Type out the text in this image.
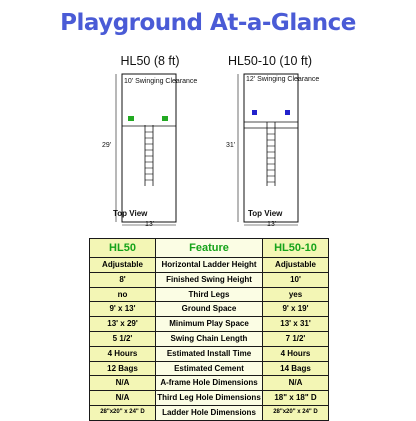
Playground At-a-Glance
HL50 (8 ft)
10' Swinging Clearance
29'
Top View
13'
HL50-10 (10 ft)
12' Swinging Clearance
31'
Top View
13'
HL50	Feature	HL50-10
Adjustable	Horizontal Ladder Height	Adjustable
8'	Finished Swing Height	10'
no	Third Legs	yes
9' x 13'	Ground Space	9' x 19'
13' x 29'	Minimum Play Space	13' x 31'
5 1/2'	Swing Chain Length	7 1/2'
4 Hours	Estimated Install Time	4 Hours
12 Bags	Estimated Cement	14 Bags
N/A	A-frame Hole Dimensions	N/A
N/A	Third Leg Hole Dimensions	18" x 18" D
28"x20" x 24" D	Ladder Hole Dimensions	28"x20" x 24" D
